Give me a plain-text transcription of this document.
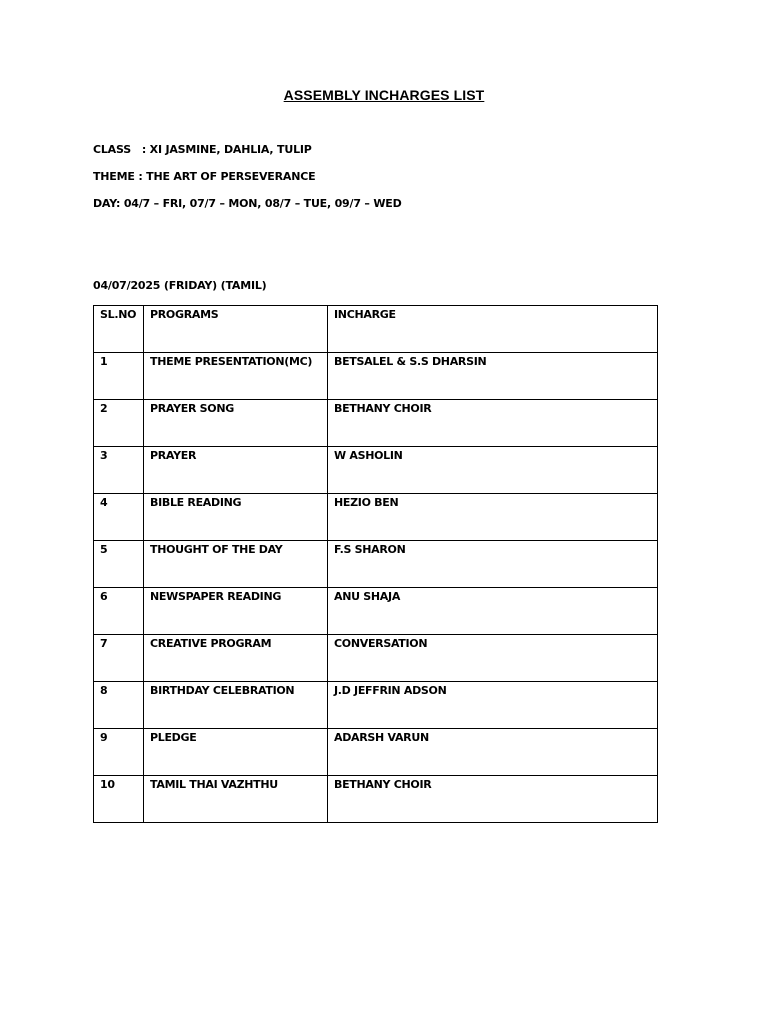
ASSEMBLY INCHARGES LIST
CLASS   : XI JASMINE, DAHLIA, TULIP
THEME : THE ART OF PERSEVERANCE
DAY: 04/7 – FRI, 07/7 – MON, 08/7 – TUE, 09/7 – WED
04/07/2025 (FRIDAY) (TAMIL)
SL.NO	PROGRAMS	INCHARGE
1	THEME PRESENTATION(MC)	BETSALEL & S.S DHARSIN
2	PRAYER SONG	BETHANY CHOIR
3	PRAYER	W ASHOLIN
4	BIBLE READING	HEZIO BEN
5	THOUGHT OF THE DAY	F.S SHARON
6	NEWSPAPER READING	ANU SHAJA
7	CREATIVE PROGRAM	CONVERSATION
8	BIRTHDAY CELEBRATION	J.D JEFFRIN ADSON
9	PLEDGE	ADARSH VARUN
10	TAMIL THAI VAZHTHU	BETHANY CHOIR
